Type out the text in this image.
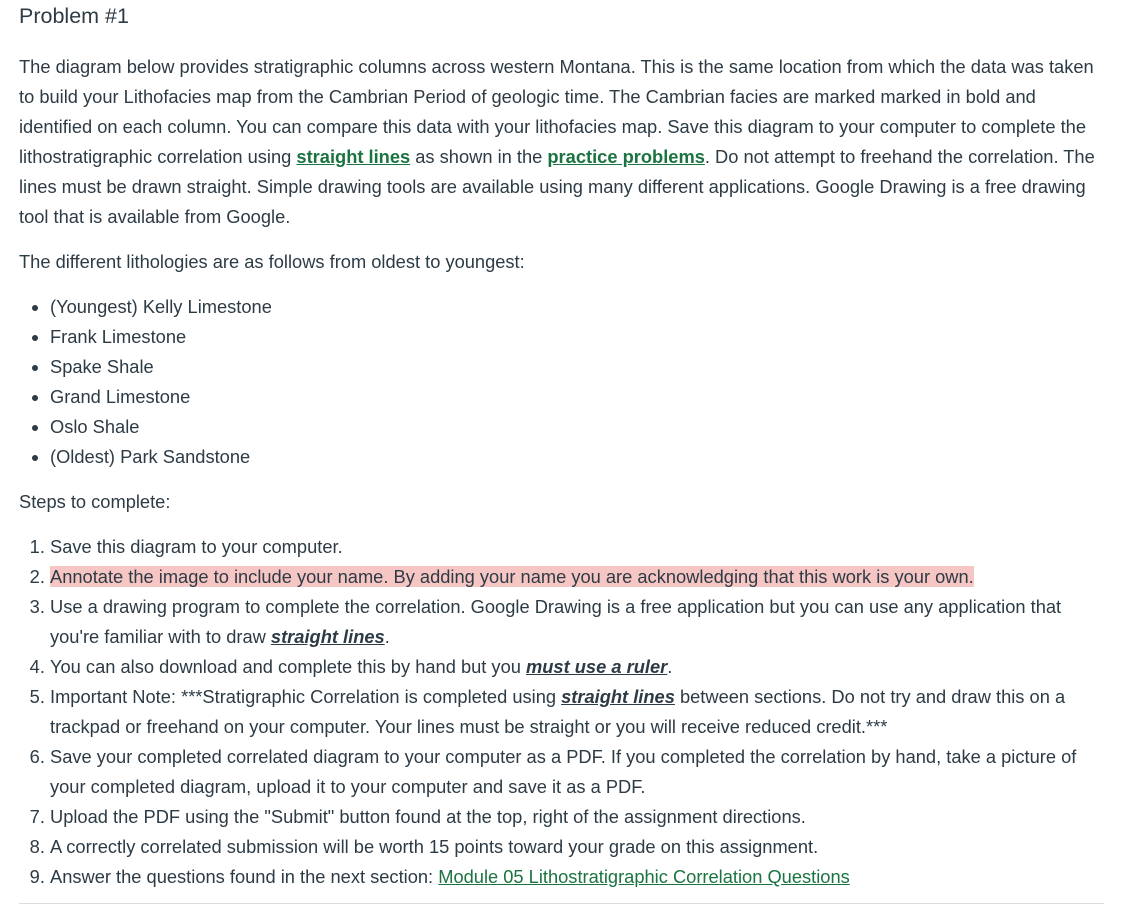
Problem #1

The diagram below provides stratigraphic columns across western Montana. This is the same location from which the data was taken to build your Lithofacies map from the Cambrian Period of geologic time. The Cambrian facies are marked marked in bold and identified on each column. You can compare this data with your lithofacies map. Save this diagram to your computer to complete the lithostratigraphic correlation using straight lines as shown in the practice problems. Do not attempt to freehand the correlation. The lines must be drawn straight. Simple drawing tools are available using many different applications. Google Drawing is a free drawing tool that is available from Google.

The different lithologies are as follows from oldest to youngest:

• (Youngest) Kelly Limestone
• Frank Limestone
• Spake Shale
• Grand Limestone
• Oslo Shale
• (Oldest) Park Sandstone

Steps to complete:

1. Save this diagram to your computer.
2. Annotate the image to include your name. By adding your name you are acknowledging that this work is your own.
3. Use a drawing program to complete the correlation. Google Drawing is a free application but you can use any application that you're familiar with to draw straight lines.
4. You can also download and complete this by hand but you must use a ruler.
5. Important Note: ***Stratigraphic Correlation is completed using straight lines between sections. Do not try and draw this on a trackpad or freehand on your computer. Your lines must be straight or you will receive reduced credit.***
6. Save your completed correlated diagram to your computer as a PDF. If you completed the correlation by hand, take a picture of your completed diagram, upload it to your computer and save it as a PDF.
7. Upload the PDF using the "Submit" button found at the top, right of the assignment directions.
8. A correctly correlated submission will be worth 15 points toward your grade on this assignment.
9. Answer the questions found in the next section: Module 05 Lithostratigraphic Correlation Questions
